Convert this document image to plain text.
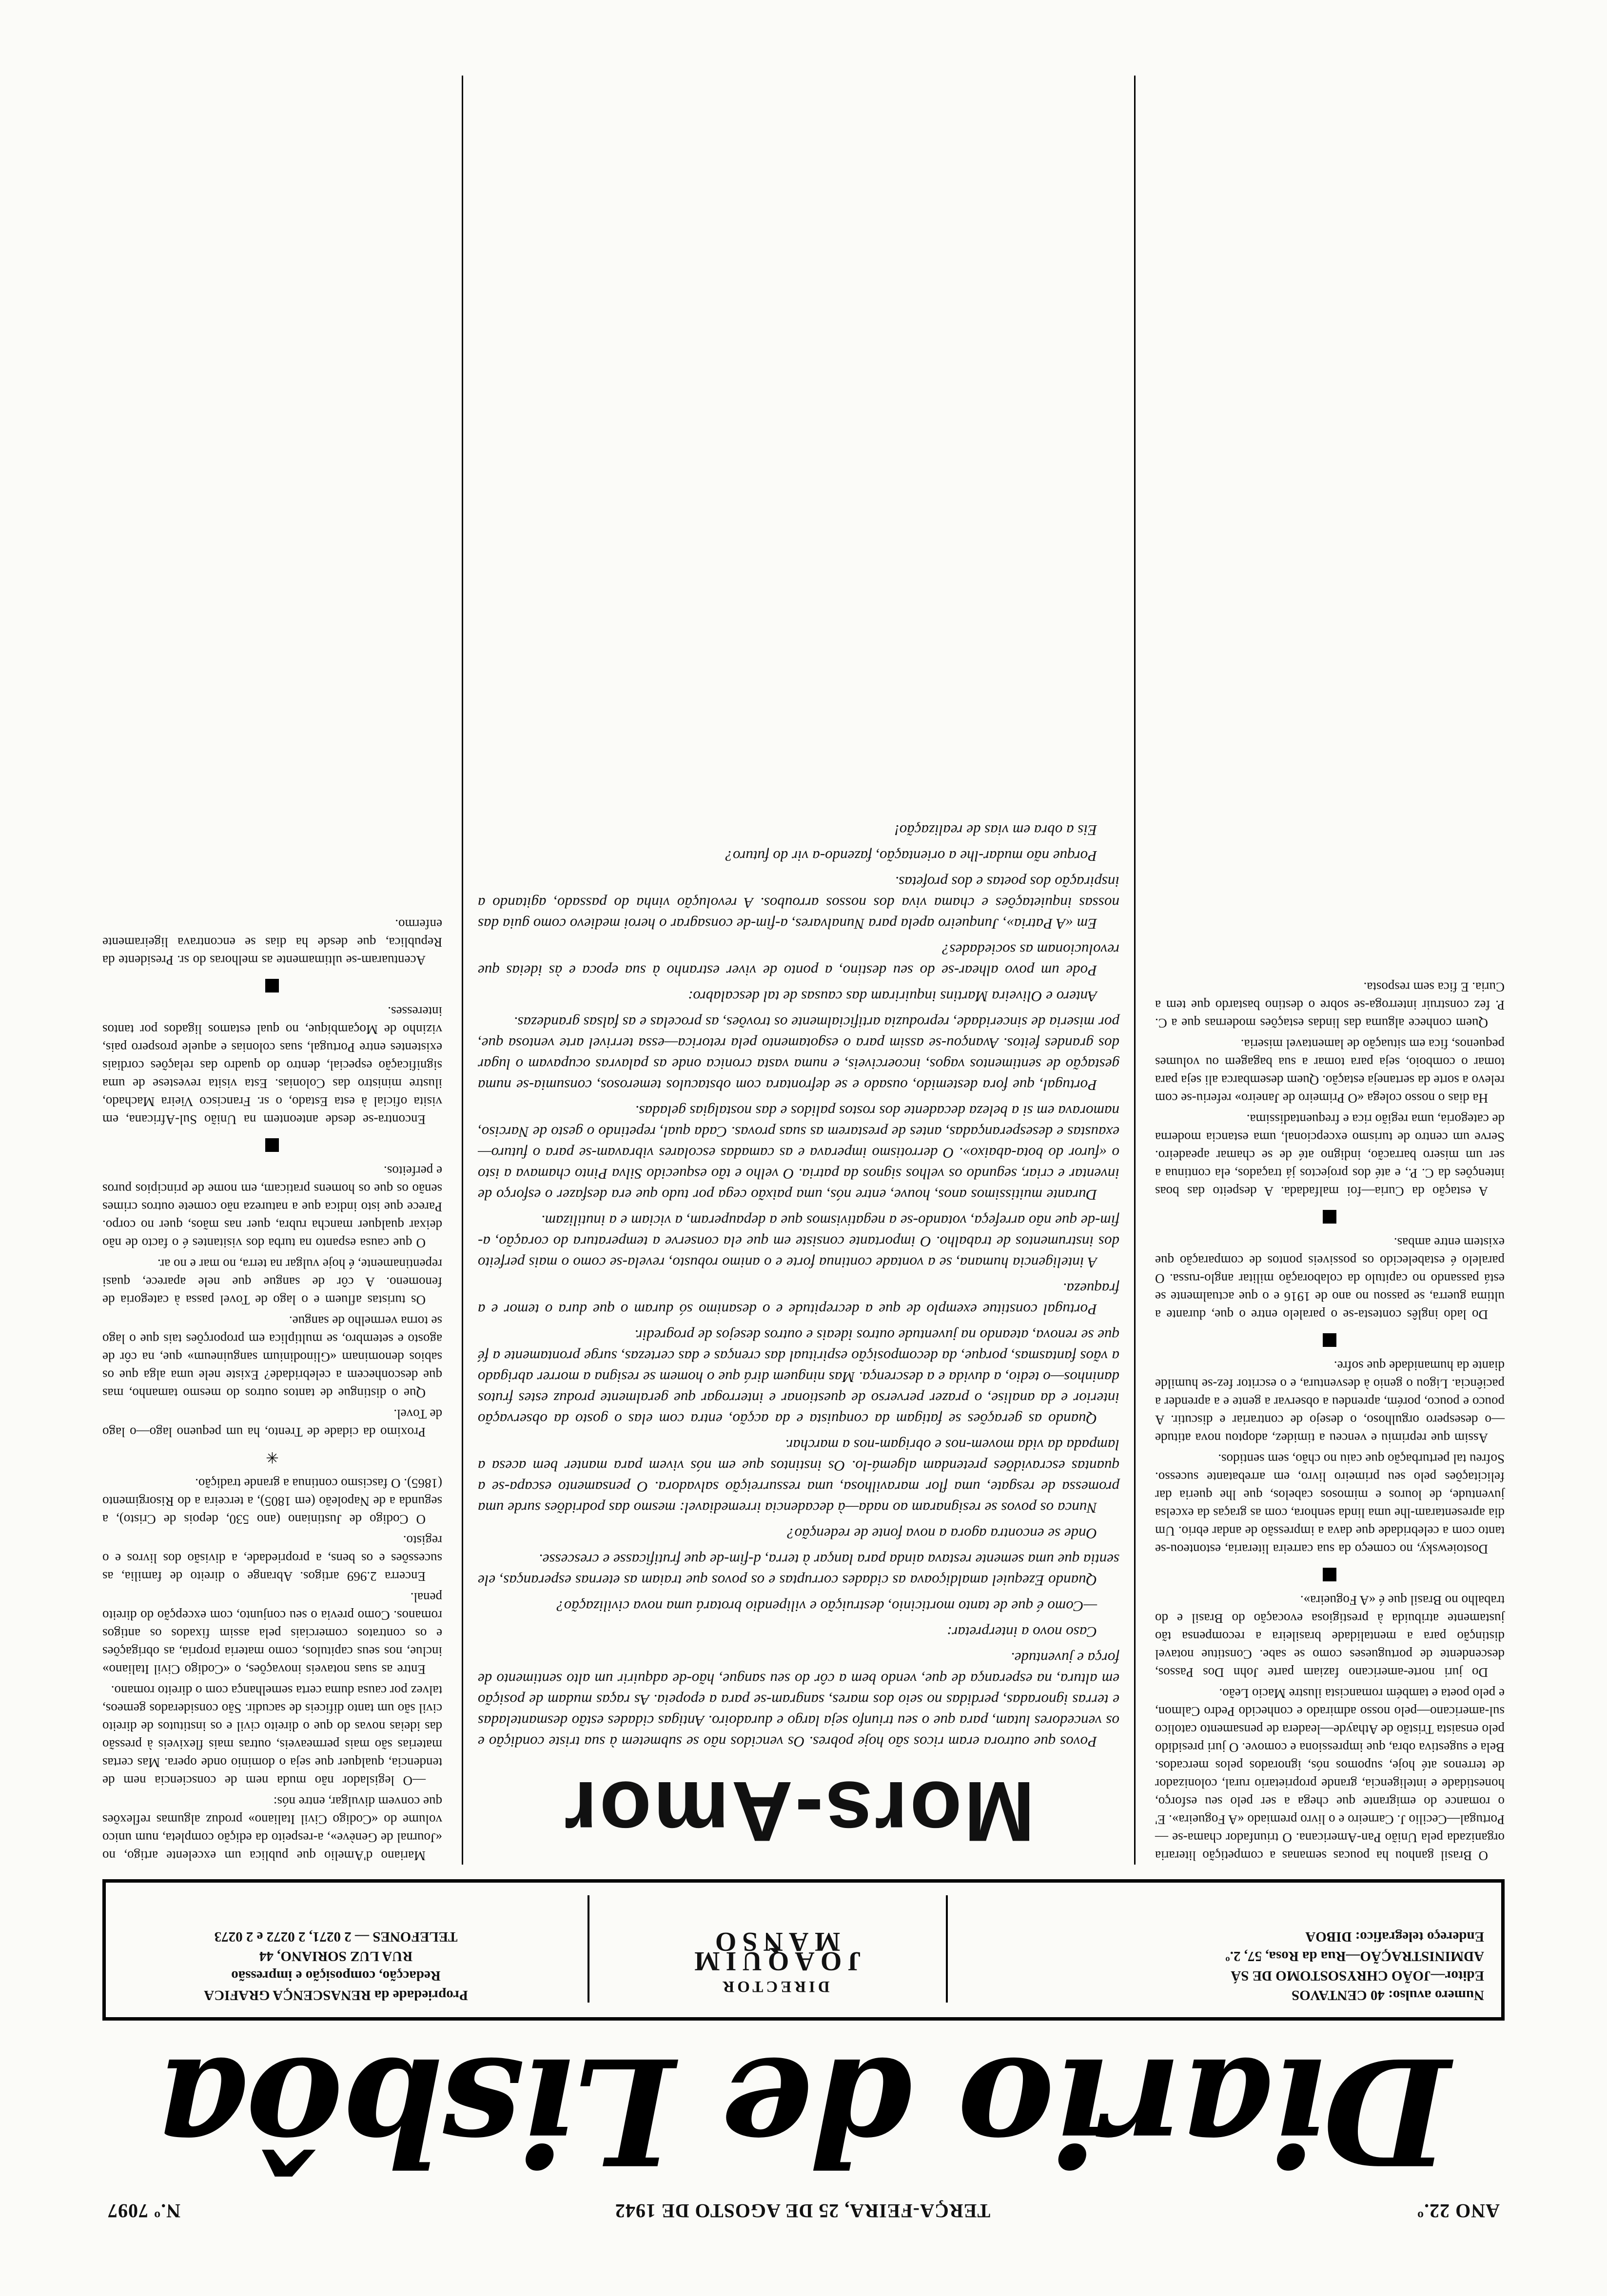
ANO 22.º
TERÇA-FEIRA, 25 DE AGOSTO DE 1942
N.º 7097
Diario de Lisbôa
Numero avulso: 40 CENTAVOS
Editor—JOÃO CHRYSOSTOMO DE SÁ
ADMINISTRAÇÃO—Rua da Rosa, 57, 2.º
Endereço telegrafico: DIBOA
DIRECTOR
JOAQUIM MANSO
Propriedade da RENASCENÇA GRAFICA
Redacção, composição e impressão
RUA LUZ SORIANO, 44
TELEFONES — 2 0271, 2 0272 e 2 0273

O Brasil ganhou ha poucas semanas a competição literaria organizada pela União Pan-Americana. O triunfador chama-se — Portugal—Cecilio J. Carneiro e o livro premiado «A Fogueira». E' o romance do emigrante que chega a ser pelo seu esforço, honestidade e inteligencia, grande proprietario rural, colonizador de terrenos até hoje, supomos nós, ignorados pelos mercados. Bela e sugestiva obra, que impressiona e comove. O juri presidido pelo ensaista Tristão de Athayde—leadera de pensamento catolico sul-americano—pelo nosso admirado e conhecido Pedro Calmon, e pelo poeta e também romancista ilustre Macio Leão.

Do juri norte-americano faziam parte John Dos Passos, descendente de portugueses como se sabe. Constitue notavel distinção para a mentalidade brasileira a recompensa tão justamente atribuida à prestigiosa evocação do Brasil e do trabalho no Brasil que é «A Fogueira».

Dostoiewsky, no começo da sua carreira literaria, estonteou-se tanto com a celebridade que dava a impressão de andar ebrio. Um dia apresentaram-lhe uma linda senhora, com as graças da excelsa juventude, de louros e mimosos cabelos, que lhe queria dar felicitações pelo seu primeiro livro, em arrebatante sucesso. Sofreu tal perturbação que caiu no chão, sem sentidos.

Assim que reprimiu e venceu a timidez, adoptou nova atitude—o desespero orgulhoso, o desejo de contrariar e discutir. A pouco e pouco, porém, aprendeu a observar a gente e a aprender a paciência. Ligou o genio à desventura, e o escritor fez-se humilde diante da humanidade que sofre.

Do lado inglês contesta-se o paralelo entre o que, durante a ultima guerra, se passou no ano de 1916 e o que actualmente se está passando no capitulo da colaboração militar anglo-russa. O paralelo é estabelecido os possiveis pontos de comparação que existem entre ambas.

A estação da Curia—foi malfadada. A despeito das boas intenções da C. P., e até dos projectos já traçados, ela continua a ser um misero barracão, indigno até de se chamar apeadeiro. Serve um centro de turismo excepcional, uma estancia moderna de categoria, uma região rica e frequentadissima.

Ha dias o nosso colega «O Primeiro de Janeiro» referiu-se com relevo a sorte da sertaneja estação. Quem desembarca ali seja para tomar o comboio, seja para tomar a sua bagagem ou volumes pequenos, fica em situação de lamentavel miseria.

Quem conhece alguma das lindas estações modernas que a C. P. fez construir interroga-se sobre o destino bastardo que tem a Curia. E fica sem resposta.

Mors-Amor

Povos que outrora eram ricos são hoje pobres. Os vencidos não se submetem à sua triste condição e os vencedores lutam, para que o seu triunfo seja largo e duradoiro. Antigas cidades estão desmanteladas e terras ignoradas, perdidas no seio dos mares, sangram-se para a epopeia. As raças mudam de posição em altura, na esperança de que, vendo bem a côr do seu sangue, hão-de adquirir um alto sentimento de força e juventude.

Caso novo a interpretar:

—Como é que de tanto morticinio, destruição e vilipendio brotará uma nova civilização?

Quando Ezequiel amaldiçoava as cidades corruptas e os povos que traiam as eternas esperanças, ele sentia que uma semente restava ainda para lançar à terra, d-fim-de que frutificasse e crescesse.

Onde se encontra agora a nova fonte de redenção?

Nunca os povos se resignaram ao nada—à decadencia irremediavel: mesmo das podridões surde uma promessa de resgate, uma flor maravilhosa, uma ressurreição salvadora. O pensamento escapa-se a quantas escravidões pretendam algemá-lo. Os instintos que em nós vivem para manter bem acesa a lampada da vida movem-nos e obrigam-nos a marchar.

Quando as gerações se fatigam da conquista e da acção, entra com elas o gosto da observação interior e da analise, o prazer perverso de questionar e interrogar que geralmente produz estes frutos daninhos—o tedio, a duvida e a descrença. Mas ninguem dirá que o homem se resigna a morrer abrigado a vãos fantasmas, porque, da decomposição espiritual das crenças e das certezas, surge prontamente a fé que se renova, ateando na juventude outros ideais e outros desejos de progredir.

Portugal constitue exemplo de que a decrepitude e o desanimo só duram o que dura o temor e a fraqueza.

A inteligencia humana, se a vontade continua forte e o animo robusto, revela-se como o mais perfeito dos instrumentos de trabalho. O importante consiste em que ela conserve a temperatura do coração, a-fim-de que não arrefeça, votando-se a negativismos que a depauperam, a viciam e a inutilizam.

Durante muitissimos anos, houve, entre nós, uma paixão cega por tudo que era desfazer o esforço de inventar e criar, segundo os velhos signos da patria. O velho e tão esquecido Silva Pinto chamava a isto o «furor do bota-abaixo». O derrotismo imperava e as camadas escolares vibravam-se para o futuro—exaustas e desesperançadas, antes de prestarem as suas provas. Cada qual, repetindo o gesto de Narciso, namorava em si a beleza decadente dos rostos palidos e das nostalgias geladas.

Portugal, que fora destemido, ousado e se defrontara com obstaculos temerosos, consumia-se numa gestação de sentimentos vagos, incoerciveis, e numa vasta cronica onde as palavras ocupavam o lugar dos grandes feitos. Avançou-se assim para o esgotamento pela retorica—essa terrivel arte ventosa que, por miseria de sinceridade, reproduzia artificialmente os trovões, as procelas e as falsas grandezas.

Antero e Oliveira Martins inquiriram das causas de tal descalabro:

Pode um povo alhear-se do seu destino, a ponto de viver estranho à sua epoca e às ideias que revolucionam as sociedades?

Em «A Patria», Junqueiro apela para Nunalvares, a-fim-de consagrar o heroi medievo como guia das nossas inquietações e chama viva dos nossos arroubos. A revolução vinha do passado, agitando a inspiração dos poetas e dos profetas.

Porque não mudar-lhe a orientação, fazendo-a vir do futuro?

Eis a obra em vias de realização!

Mariano d'Amelio que publica um excelente artigo, no «Journal de Genève», a-respeito da edição completa, num unico volume do «Codigo Civil Italiano» produz algumas reflexões que convem divulgar, entre nós:

—O legislador não muda nem de consciencia nem de tendencia, qualquer que seja o dominio onde opera. Mas certas materias são mais permeaveis, outras mais flexiveis à pressão das ideias novas do que o direito civil e os institutos de direito civil são um tanto dificeis de sacudir. São considerados gemeos, talvez por causa duma certa semelhança com o direito romano.

Entre as suas notaveis inovações, o «Codigo Civil Italiano» inclue, nos seus capitulos, como materia propria, as obrigações e os contratos comerciais pela assim fixados os antigos romanos. Como previa o seu conjunto, com excepção do direito penal.

Encerra 2.969 artigos. Abrange o direito de familia, as sucessões e os bens, a propriedade, a divisão dos livros e o registo.

O Codigo de Justiniano (ano 530, depois de Cristo), a segunda a de Napoleão (em 1805), a terceira a do Risorgimento (1865). O fascismo continua a grande tradição.

✳

Proximo da cidade de Trento, ha um pequeno lago—o lago de Tovel.

Que o distingue de tantos outros do mesmo tamanho, mas que desconhecem a celebridade? Existe nele uma alga que os sabios denominam «Glinodinium sanguineum» que, na côr de agosto e setembro, se multiplica em proporções tais que o lago se torna vermelho de sangue.

Os turistas afluem e o lago de Tovel passa à categoria de fenomeno. A côr de sangue que nele aparece, quasi repentinamente, é hoje vulgar na terra, no mar e no ar.

O que causa espanto na turba dos visitantes é o facto de não deixar qualquer mancha rubra, quer nas mãos, quer no corpo. Parece que isto indica que a natureza não comete outros crimes senão os que os homens praticam, em nome de principios puros e perfeitos.

Encontra-se desde anteontem na União Sul-Africana, em visita oficial à esta Estado, o sr. Francisco Vieira Machado, ilustre ministro das Colonias. Esta visita revestese de uma significação especial, dentro do quadro das relações cordiais existentes entre Portugal, suas colonias e aquele prospero pais, vizinho de Moçambique, no qual estamos ligados por tantos interesses.

Acentuaram-se ultimamente as melhoras do sr. Presidente da Republica, que desde ha dias se encontrava ligeiramente enfermo.
